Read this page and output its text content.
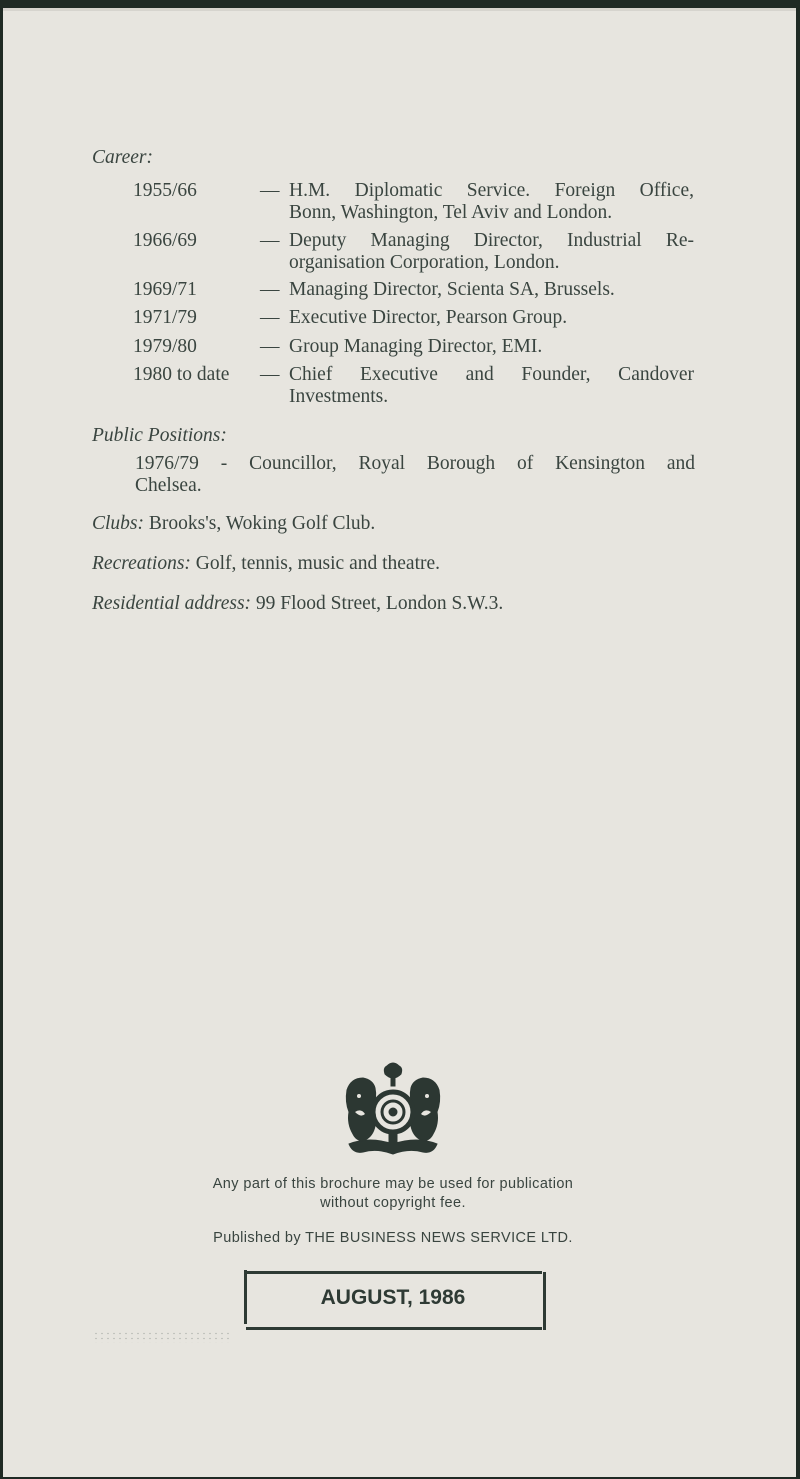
Career:
1955/66	— H.M. Diplomatic Service. Foreign Office,
Bonn, Washington, Tel Aviv and London.
1966/69	— Deputy Managing Director, Industrial Re-
organisation Corporation, London.
1969/71	— Managing Director, Scienta SA, Brussels.
1971/79	— Executive Director, Pearson Group.
1979/80	— Group Managing Director, EMI.
1980 to date — Chief Executive and Founder, Candover
Investments.
Public Positions:
1976/79 - Councillor, Royal Borough of Kensington and
Chelsea.
Clubs: Brooks's, Woking Golf Club.
Recreations: Golf, tennis, music and theatre.
Residential address: 99 Flood Street, London S.W.3.
Any part of this brochure may be used for publication
without copyright fee.
Published by THE BUSINESS NEWS SERVICE LTD.
AUGUST, 1986
